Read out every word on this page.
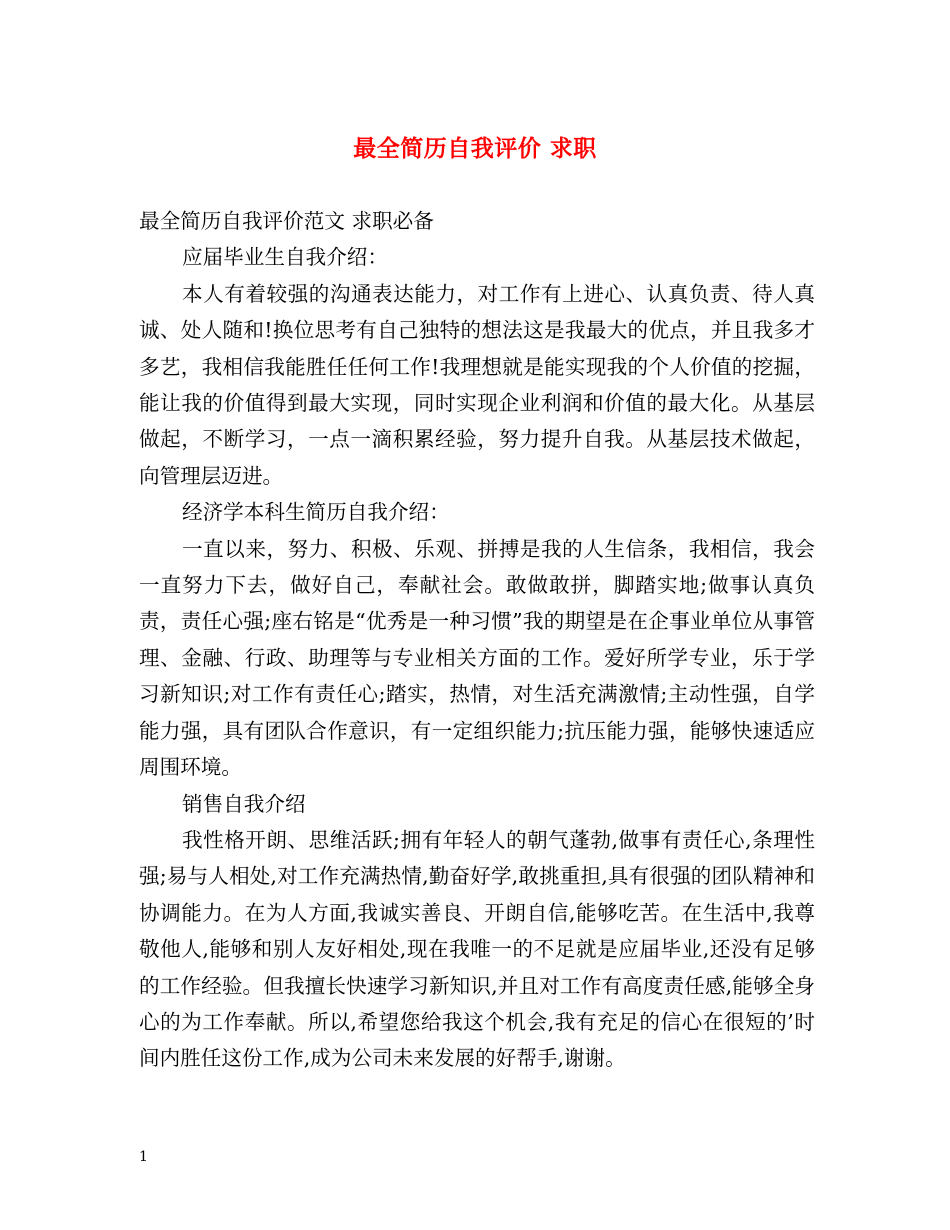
最全简历自我评价 求职

最全简历自我评价范文 求职必备

应届毕业生自我介绍：

本人有着较强的沟通表达能力，对工作有上进心、认真负责、待人真诚、处人随和!换位思考有自己独特的想法这是我最大的优点，并且我多才多艺，我相信我能胜任任何工作!我理想就是能实现我的个人价值的挖掘，能让我的价值得到最大实现，同时实现企业利润和价值的最大化。从基层做起，不断学习，一点一滴积累经验，努力提升自我。从基层技术做起，向管理层迈进。

经济学本科生简历自我介绍：

一直以来，努力、积极、乐观、拼搏是我的人生信条，我相信，我会一直努力下去，做好自己，奉献社会。敢做敢拼，脚踏实地;做事认真负责，责任心强;座右铭是“优秀是一种习惯”我的期望是在企事业单位从事管理、金融、行政、助理等与专业相关方面的工作。爱好所学专业，乐于学习新知识;对工作有责任心;踏实，热情，对生活充满激情;主动性强，自学能力强，具有团队合作意识，有一定组织能力;抗压能力强，能够快速适应周围环境。

销售自我介绍

我性格开朗、思维活跃;拥有年轻人的朝气蓬勃,做事有责任心,条理性强;易与人相处,对工作充满热情,勤奋好学,敢挑重担,具有很强的团队精神和协调能力。在为人方面,我诚实善良、开朗自信,能够吃苦。在生活中,我尊敬他人,能够和别人友好相处,现在我唯一的不足就是应届毕业,还没有足够的工作经验。但我擅长快速学习新知识,并且对工作有高度责任感,能够全身心的为工作奉献。所以,希望您给我这个机会,我有充足的信心在很短的’时间内胜任这份工作,成为公司未来发展的好帮手,谢谢。

1
